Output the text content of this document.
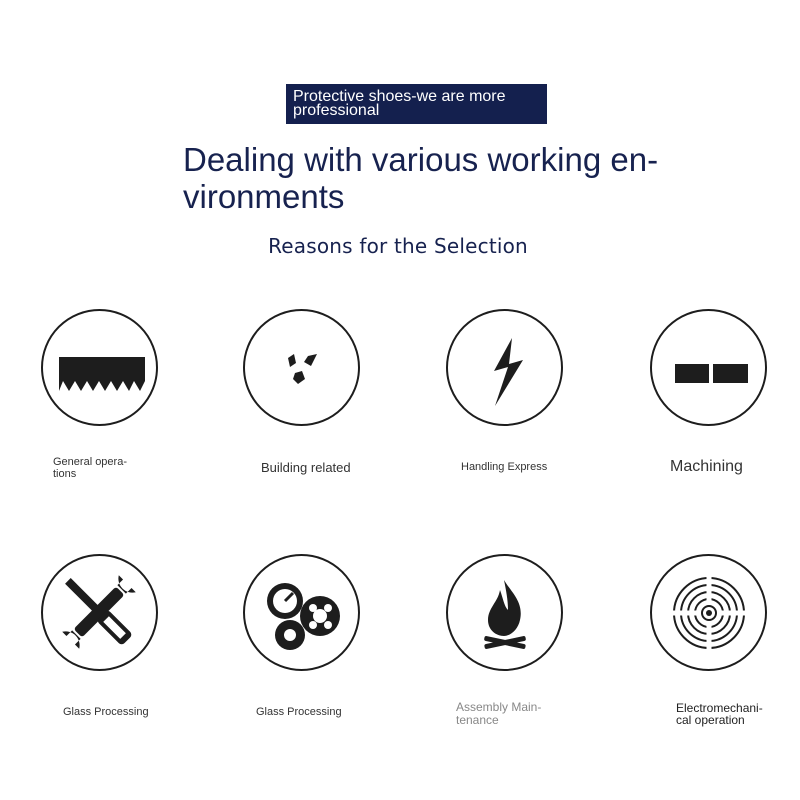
Protective shoes-we are more professional
Dealing with various working en-vironments
Reasons for the Selection
General opera-tions	Building related	Handling Express	Machining
Glass Processing	Glass Processing	Assembly Main-tenance
Electromechani-cal operation
